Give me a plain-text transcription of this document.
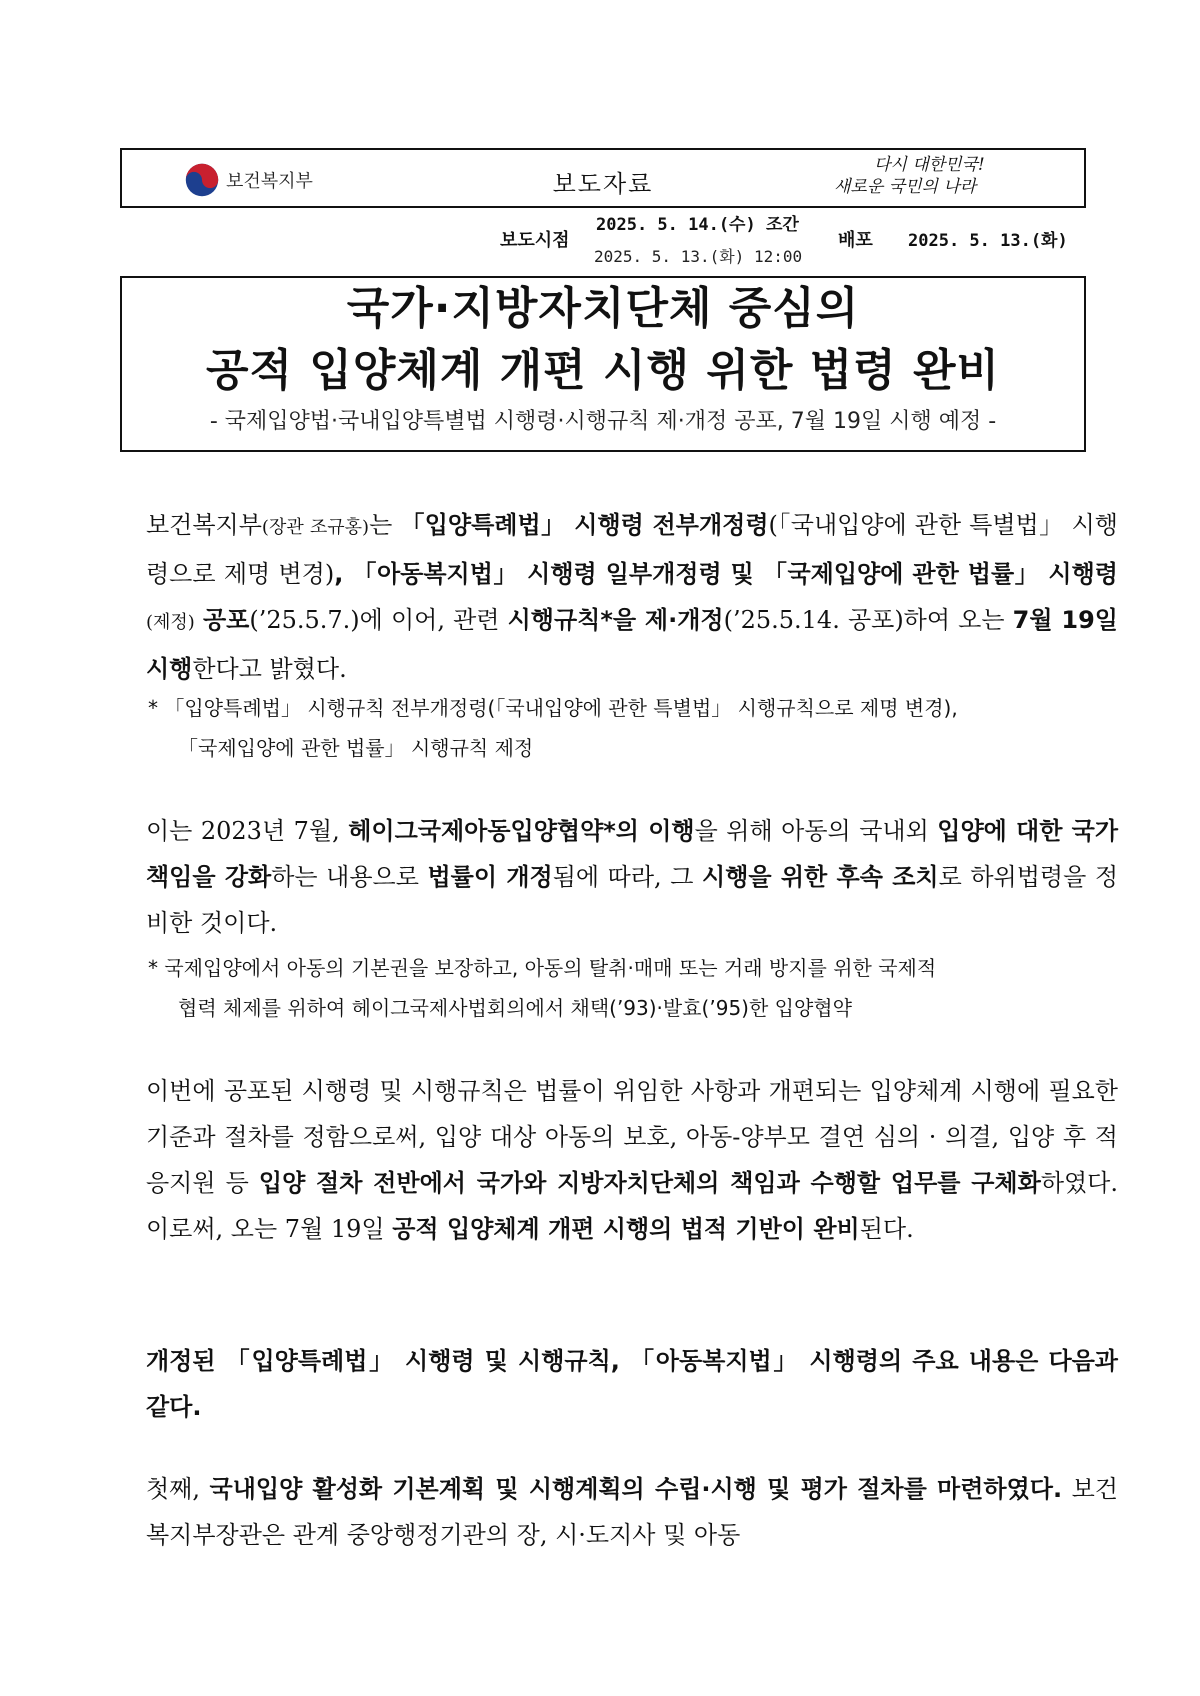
보건복지부	보도자료
다시 대한민국!
새로운 국민의 나라
보도시점
2025. 5. 14.(수) 조간
2025. 5. 13.(화) 12:00
배포 2025. 5. 13.(화)
국가·지방자치단체 중심의
공적 입양체계 개편 시행 위한 법령 완비
- 국제입양법·국내입양특별법 시행령·시행규칙 제·개정 공포, 7월 19일 시행 예정 -
보건복지부(장관 조규홍)는 「입양특례법」 시행령 전부개정령(「국내입양에 관한 특별법」 시행령으로 제명 변경), 「아동복지법」 시행령 일부개정령 및 「국제입양에 관한 법률」 시행령(제정) 공포(’25.5.7.)에 이어, 관련 시행규칙*을 제·개정(’25.5.14. 공포)하여 오는 7월 19일 시행한다고 밝혔다.
* 「입양특례법」 시행규칙 전부개정령(「국내입양에 관한 특별법」 시행규칙으로 제명 변경),
「국제입양에 관한 법률」 시행규칙 제정
이는 2023년 7월, 헤이그국제아동입양협약*의 이행을 위해 아동의 국내외 입양에 대한 국가책임을 강화하는 내용으로 법률이 개정됨에 따라, 그 시행을 위한 후속 조치로 하위법령을 정비한 것이다.
* 국제입양에서 아동의 기본권을 보장하고, 아동의 탈취·매매 또는 거래 방지를 위한 국제적
협력 체제를 위하여 헤이그국제사법회의에서 채택(’93)·발효(’95)한 입양협약
이번에 공포된 시행령 및 시행규칙은 법률이 위임한 사항과 개편되는 입양체계 시행에 필요한 기준과 절차를 정함으로써, 입양 대상 아동의 보호, 아동-양부모 결연 심의 · 의결, 입양 후 적응지원 등 입양 절차 전반에서 국가와 지방자치단체의 책임과 수행할 업무를 구체화하였다. 이로써, 오는 7월 19일 공적 입양체계 개편 시행의 법적 기반이 완비된다.
개정된 「입양특례법」 시행령 및 시행규칙, 「아동복지법」 시행령의 주요 내용은 다음과 같다.
첫째, 국내입양 활성화 기본계획 및 시행계획의 수립·시행 및 평가 절차를 마련하였다. 보건복지부장관은 관계 중앙행정기관의 장, 시·도지사 및 아동
